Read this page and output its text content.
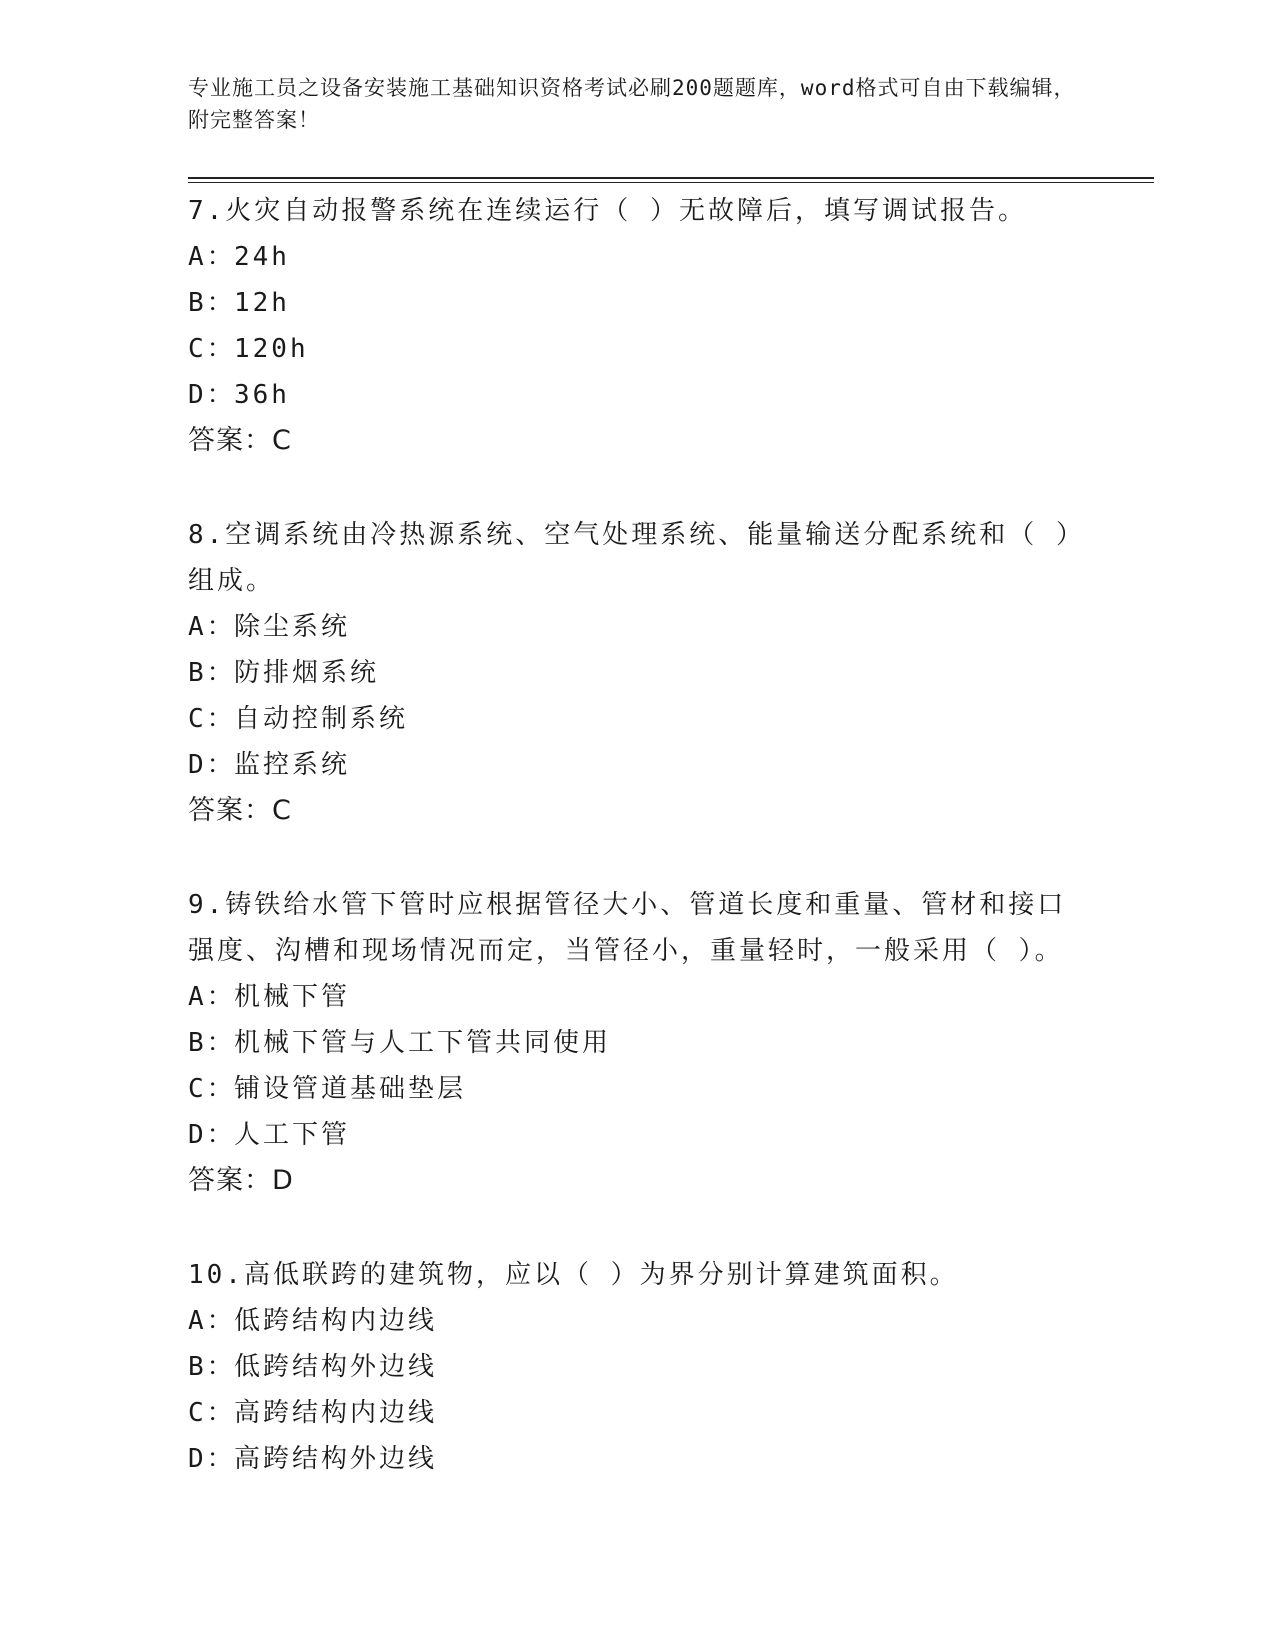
专业施工员之设备安装施工基础知识资格考试必刷200题题库，word格式可自由下载编辑，附完整答案！

7.火灾自动报警系统在连续运行（ ）无故障后，填写调试报告。

A：24h

B：12h

C：120h

D：36h

答案：C

8.空调系统由冷热源系统、空气处理系统、能量输送分配系统和（ ）组成。

A：除尘系统

B：防排烟系统

C：自动控制系统

D：监控系统

答案：C

9.铸铁给水管下管时应根据管径大小、管道长度和重量、管材和接口强度、沟槽和现场情况而定，当管径小，重量轻时，一般采用（ ）。

A：机械下管

B：机械下管与人工下管共同使用

C：铺设管道基础垫层

D：人工下管

答案：D

10.高低联跨的建筑物，应以（ ）为界分别计算建筑面积。

A：低跨结构内边线

B：低跨结构外边线

C：高跨结构内边线

D：高跨结构外边线
